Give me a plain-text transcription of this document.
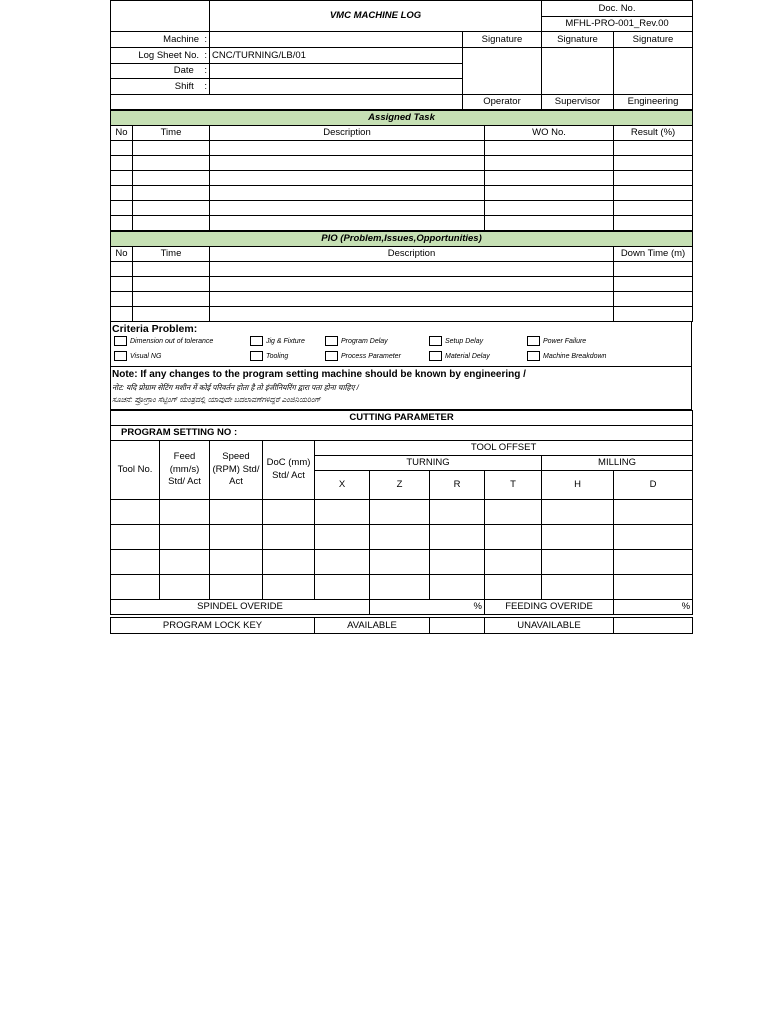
	VMC MACHINE LOG		Doc. No.	
			MFHL-PRO-001_Rev.00	
Machine :		Signature	Signature	Signature
Log Sheet No. :	CNC/TURNING/LB/01			
Date :				
Shift :				
		Operator	Supervisor	Engineering
Assigned Task				
No	Time	Description	WO No.	Result (%)

PIO (Problem,Issues,Opportunities)			
No	Time	Description	Down Time (m)

Criteria Problem:
Dimension out of tolerance	Jig & Fixture	Program Delay	Setup Delay	Power Failure
Visual NG	Tooling	Process Parameter	Material Delay	Machine Breakdown
Note: If any changes to the program setting machine should be known by engineering /
नोट: यदि प्रोग्राम सेटिंग मशीन में कोई परिवर्तन होता है तो इंजीनियरिंग द्वारा पता होना चाहिए /
ಸೂಚನೆ: ಪ್ರೋಗ್ರಾಂ ಸೆಟ್ಟಿಂಗ್ ಯಂತ್ರದಲ್ಲಿ ಯಾವುದೇ ಬದಲಾವಣೆಗಳಿದ್ದರೆ ಎಂಜಿನಿಯರಿಂಗ್
CUTTING PARAMETER									
PROGRAM SETTING NO :									
Tool No.	Feed (mm/s) Std/ Act	Speed (RPM) Std/ Act	DoC (mm) Std/ Act	TOOL OFFSET					
				TURNING				MILLING	
				X	Z	R	T	H	D

SPINDEL OVERIDE					%		FEEDING OVERIDE		%
PROGRAM LOCK KEY	AVAILABLE		UNAVAILABLE	
